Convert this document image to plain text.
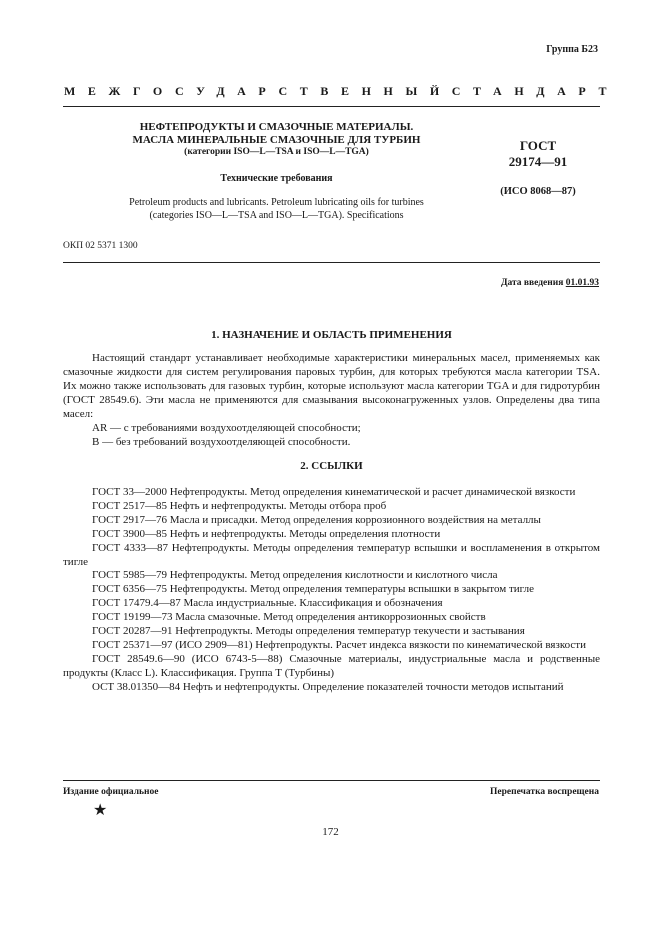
Группа Б23
МЕЖГОСУДАРСТВЕННЫЙ СТАНДАРТ
НЕФТЕПРОДУКТЫ И СМАЗОЧНЫЕ МАТЕРИАЛЫ.
МАСЛА МИНЕРАЛЬНЫЕ СМАЗОЧНЫЕ ДЛЯ ТУРБИН
(категории ISO—L—TSA и ISO—L—TGA)
Технические требования
Petroleum products and lubricants. Petroleum lubricating oils for turbines
(categories ISO—L—TSA and ISO—L—TGA). Specifications
ГОСТ
29174—91
(ИСО 8068—87)
ОКП 02 5371 1300
Дата введения 01.01.93
1. НАЗНАЧЕНИЕ И ОБЛАСТЬ ПРИМЕНЕНИЯ

Настоящий стандарт устанавливает необходимые характеристики минеральных масел, применяемых как смазочные жидкости для систем регулирования паровых турбин, для которых требуются масла категории TSA. Их можно также использовать для газовых турбин, которые используют масла категории TGA и для гидротурбин (ГОСТ 28549.6). Эти масла не применяются для смазывания высоконагруженных узлов. Определены два типа масел:

AR — с требованиями воздухоотделяющей способности;

B — без требований воздухоотделяющей способности.

2. ССЫЛКИ

ГОСТ 33—2000 Нефтепродукты. Метод определения кинематической и расчет динамической вязкости

ГОСТ 2517—85 Нефть и нефтепродукты. Методы отбора проб

ГОСТ 2917—76 Масла и присадки. Метод определения коррозионного воздействия на металлы

ГОСТ 3900—85 Нефть и нефтепродукты. Методы определения плотности

ГОСТ 4333—87 Нефтепродукты. Методы определения температур вспышки и воспламенения в открытом тигле

ГОСТ 5985—79 Нефтепродукты. Метод определения кислотности и кислотного числа

ГОСТ 6356—75 Нефтепродукты. Метод определения температуры вспышки в закрытом тигле

ГОСТ 17479.4—87 Масла индустриальные. Классификация и обозначения

ГОСТ 19199—73 Масла смазочные. Метод определения антикоррозионных свойств

ГОСТ 20287—91 Нефтепродукты. Методы определения температур текучести и застывания

ГОСТ 25371—97 (ИСО 2909—81) Нефтепродукты. Расчет индекса вязкости по кинематической вязкости

ГОСТ 28549.6—90 (ИСО 6743-5—88) Смазочные материалы, индустриальные масла и родственные продукты (Класс L). Классификация. Группа Т (Турбины)

ОСТ 38.01350—84 Нефть и нефтепродукты. Определение показателей точности методов испытаний

Издание официальное	Перепечатка воспрещена
★
172
